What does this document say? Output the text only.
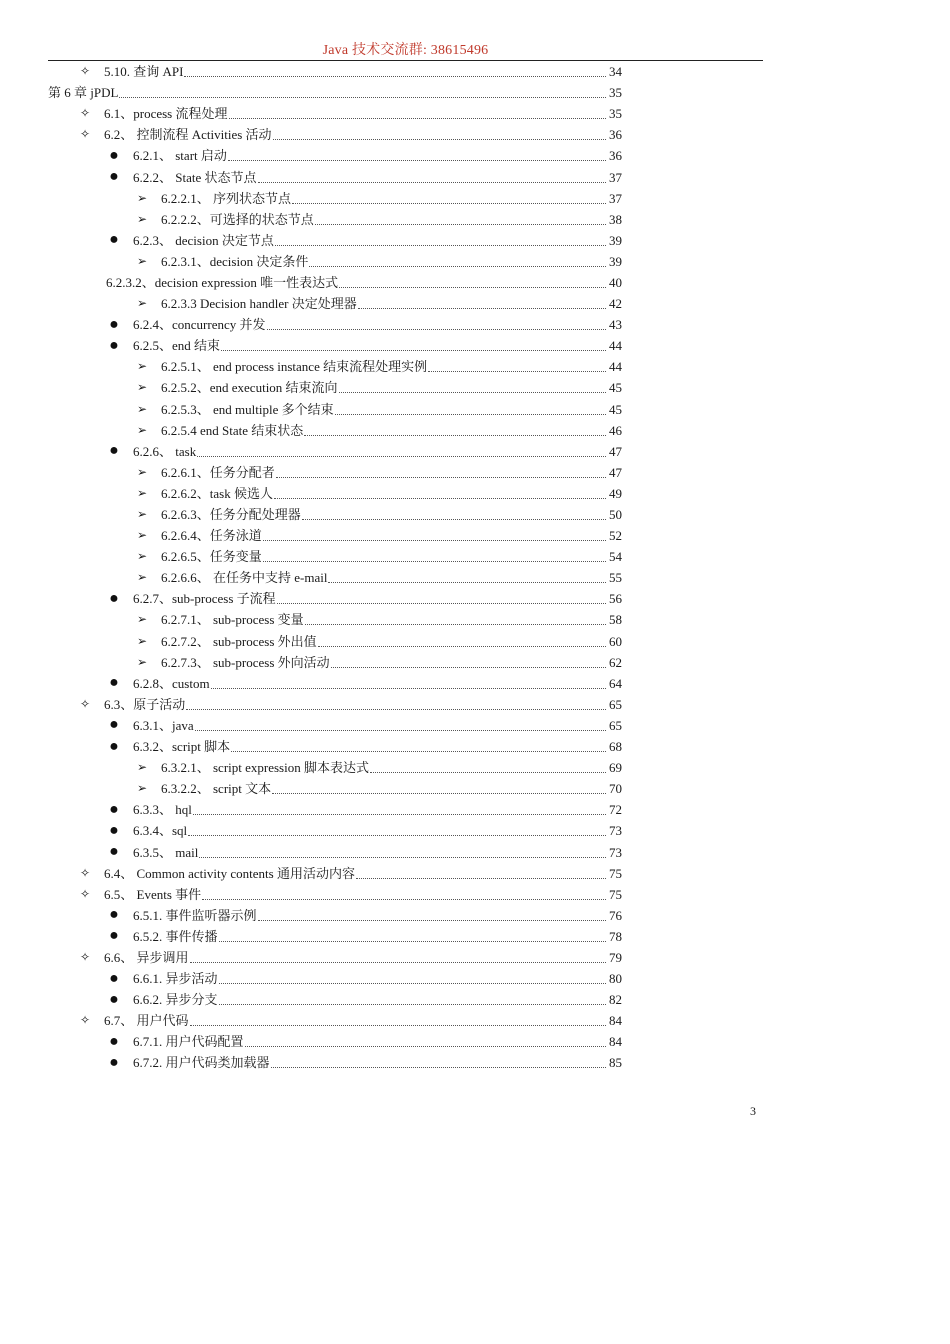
Java 技术交流群: 38615496
✧ 5.10. 查询 API	34
第 6 章 jPDL	35
✧ 6.1、process 流程处理	35
✧ 6.2、 控制流程 Activities 活动	36
● 6.2.1、 start 启动	36
● 6.2.2、 State 状态节点	37
➢ 6.2.2.1、 序列状态节点	37
➢ 6.2.2.2、可选择的状态节点	38
● 6.2.3、 decision 决定节点	39
➢ 6.2.3.1、decision 决定条件	39
6.2.3.2、decision expression 唯一性表达式	40
➢ 6.2.3.3 Decision handler 决定处理器	42
● 6.2.4、concurrency 并发	43
● 6.2.5、end 结束	44
➢ 6.2.5.1、 end process instance 结束流程处理实例	44
➢ 6.2.5.2、end execution 结束流向	45
➢ 6.2.5.3、 end multiple 多个结束	45
➢ 6.2.5.4 end State 结束状态	46
● 6.2.6、 task	47
➢ 6.2.6.1、任务分配者	47
➢ 6.2.6.2、task 候选人	49
➢ 6.2.6.3、任务分配处理器	50
➢ 6.2.6.4、任务泳道	52
➢ 6.2.6.5、任务变量	54
➢ 6.2.6.6、 在任务中支持 e-mail	55
● 6.2.7、sub-process 子流程	56
➢ 6.2.7.1、 sub-process 变量	58
➢ 6.2.7.2、 sub-process 外出值	60
➢ 6.2.7.3、 sub-process 外向活动	62
● 6.2.8、custom	64
✧ 6.3、原子活动	65
● 6.3.1、java	65
● 6.3.2、script 脚本	68
➢ 6.3.2.1、 script expression 脚本表达式	69
➢ 6.3.2.2、 script 文本	70
● 6.3.3、 hql	72
● 6.3.4、sql	73
● 6.3.5、 mail	73
✧ 6.4、 Common activity contents 通用活动内容	75
✧ 6.5、 Events 事件	75
● 6.5.1. 事件监听器示例	76
● 6.5.2. 事件传播	78
✧ 6.6、 异步调用	79
● 6.6.1. 异步活动	80
● 6.6.2. 异步分支	82
✧ 6.7、 用户代码	84
● 6.7.1. 用户代码配置	84
● 6.7.2. 用户代码类加载器	85
3
